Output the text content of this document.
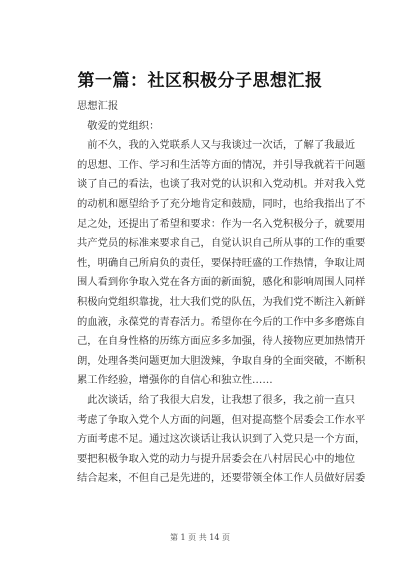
第一篇：社区积极分子思想汇报
思想汇报
　敬爱的党组织：
　前不久，我的入党联系人又与我谈过一次话，了解了我最近
的思想、工作、学习和生活等方面的情况，并引导我就若干问题
谈了自己的看法，也谈了我对党的认识和入党动机。并对我入党
的动机和愿望给予了充分地肯定和鼓励，同时，也给我指出了不
足之处，还提出了希望和要求：作为一名入党积极分子，就要用
共产党员的标准来要求自己，自觉认识自己所从事的工作的重要
性，明确自己所肩负的责任，要保持旺盛的工作热情，争取让周
围人看到你争取入党在各方面的新面貌，感化和影响周围人同样
积极向党组织靠拢，壮大我们党的队伍，为我们党不断注入新鲜
的血液，永葆党的青春活力。希望你在今后的工作中多多磨炼自
己，在自身性格的历练方面应多多加强，待人接物应更加热情开
朗，处理各类问题更加大胆泼辣，争取自身的全面突破，不断积
累工作经验，增强你的自信心和独立性……
　此次谈话，给了我很大启发，让我想了很多，我之前一直只
考虑了争取入党个人方面的问题，但对提高整个居委会工作水平
方面考虑不足。通过这次谈话让我认识到了入党只是一个方面，
要把积极争取入党的动力与提升居委会在八村居民心中的地位
结合起来，不但自己是先进的，还要带领全体工作人员做好居委
第 1 页 共 14 页
